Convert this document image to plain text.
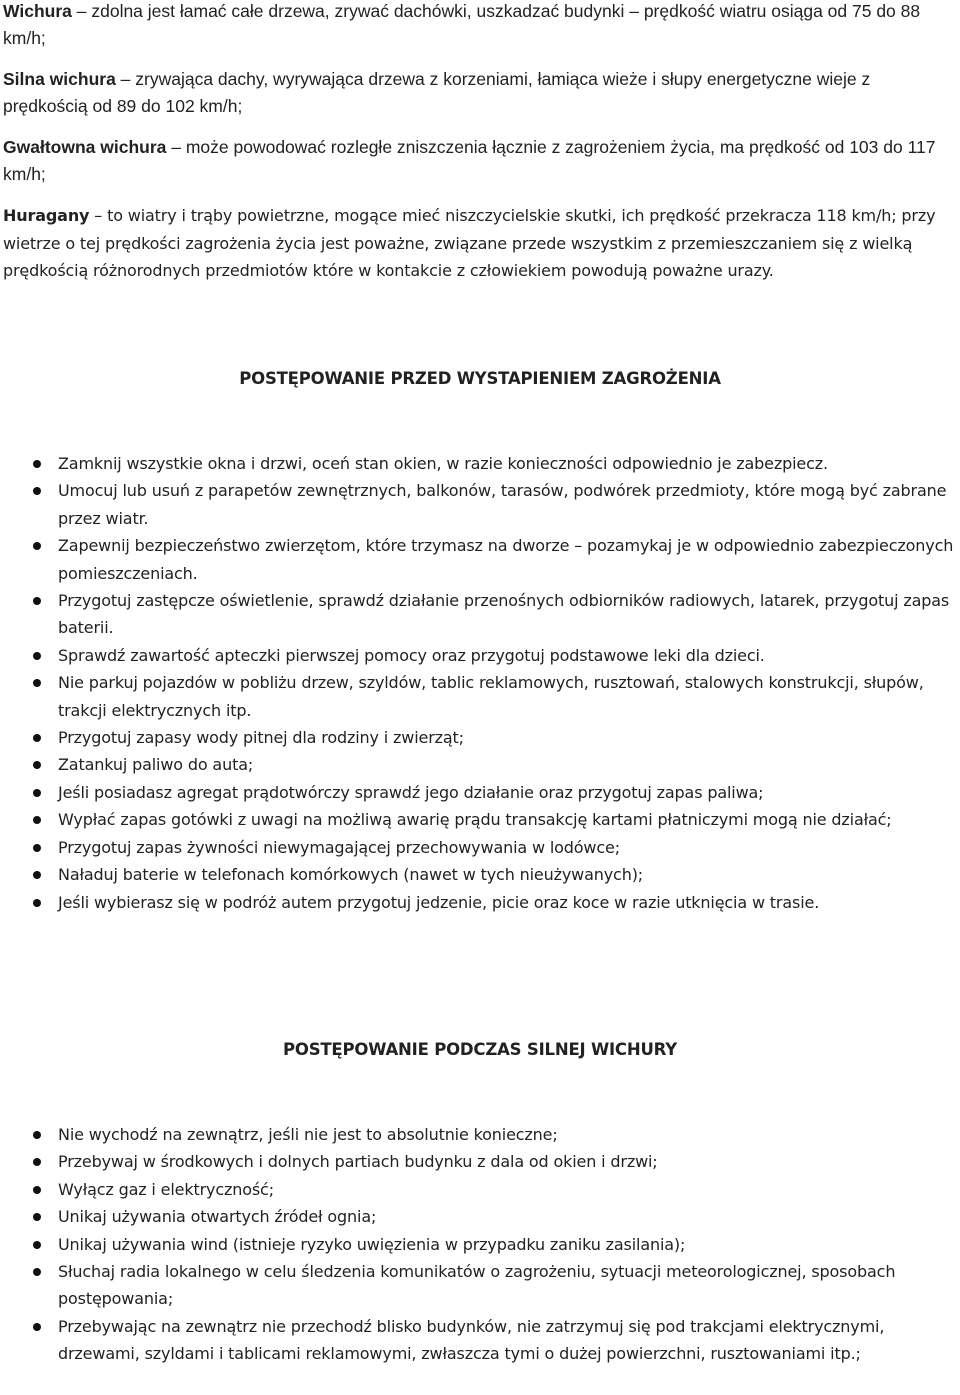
Wichura – zdolna jest łamać całe drzewa, zrywać dachówki, uszkadzać budynki – prędkość wiatru osiąga od 75 do 88 km/h;

Silna wichura – zrywająca dachy, wyrywająca drzewa z korzeniami, łamiąca wieże i słupy energetyczne wieje z prędkością od 89 do 102 km/h;

Gwałtowna wichura – może powodować rozległe zniszczenia łącznie z zagrożeniem życia, ma prędkość od 103 do 117 km/h;

Huragany – to wiatry i trąby powietrzne, mogące mieć niszczycielskie skutki, ich prędkość przekracza 118 km/h; przy wietrze o tej prędkości zagrożenia życia jest poważne, związane przede wszystkim z przemieszczaniem się z wielką prędkością różnorodnych przedmiotów które w kontakcie z człowiekiem powodują poważne urazy.

POSTĘPOWANIE PRZED WYSTAPIENIEM ZAGROŻENIA
Zamknij wszystkie okna i drzwi, oceń stan okien, w razie konieczności odpowiednio je zabezpiecz.
Umocuj lub usuń z parapetów zewnętrznych, balkonów, tarasów, podwórek przedmioty, które mogą być zabrane przez wiatr.
Zapewnij bezpieczeństwo zwierzętom, które trzymasz na dworze – pozamykaj je w odpowiednio zabezpieczonych pomieszczeniach.
Przygotuj zastępcze oświetlenie, sprawdź działanie przenośnych odbiorników radiowych, latarek, przygotuj zapas baterii.
Sprawdź zawartość apteczki pierwszej pomocy oraz przygotuj podstawowe leki dla dzieci.
Nie parkuj pojazdów w pobliżu drzew, szyldów, tablic reklamowych, rusztowań, stalowych konstrukcji, słupów, trakcji elektrycznych itp.
Przygotuj zapasy wody pitnej dla rodziny i zwierząt;
Zatankuj paliwo do auta;
Jeśli posiadasz agregat prądotwórczy sprawdź jego działanie oraz przygotuj zapas paliwa;
Wypłać zapas gotówki z uwagi na możliwą awarię prądu transakcję kartami płatniczymi mogą nie działać;
Przygotuj zapas żywności niewymagającej przechowywania w lodówce;
Naładuj baterie w telefonach komórkowych (nawet w tych nieużywanych);
Jeśli wybierasz się w podróż autem przygotuj jedzenie, picie oraz koce w razie utknięcia w trasie.
POSTĘPOWANIE PODCZAS SILNEJ WICHURY
Nie wychodź na zewnątrz, jeśli nie jest to absolutnie konieczne;
Przebywaj w środkowych i dolnych partiach budynku z dala od okien i drzwi;
Wyłącz gaz i elektryczność;
Unikaj używania otwartych źródeł ognia;
Unikaj używania wind (istnieje ryzyko uwięzienia w przypadku zaniku zasilania);
Słuchaj radia lokalnego w celu śledzenia komunikatów o zagrożeniu, sytuacji meteorologicznej, sposobach postępowania;
Przebywając na zewnątrz nie przechodź blisko budynków, nie zatrzymuj się pod trakcjami elektrycznymi, drzewami, szyldami i tablicami reklamowymi, zwłaszcza tymi o dużej powierzchni, rusztowaniami itp.;
